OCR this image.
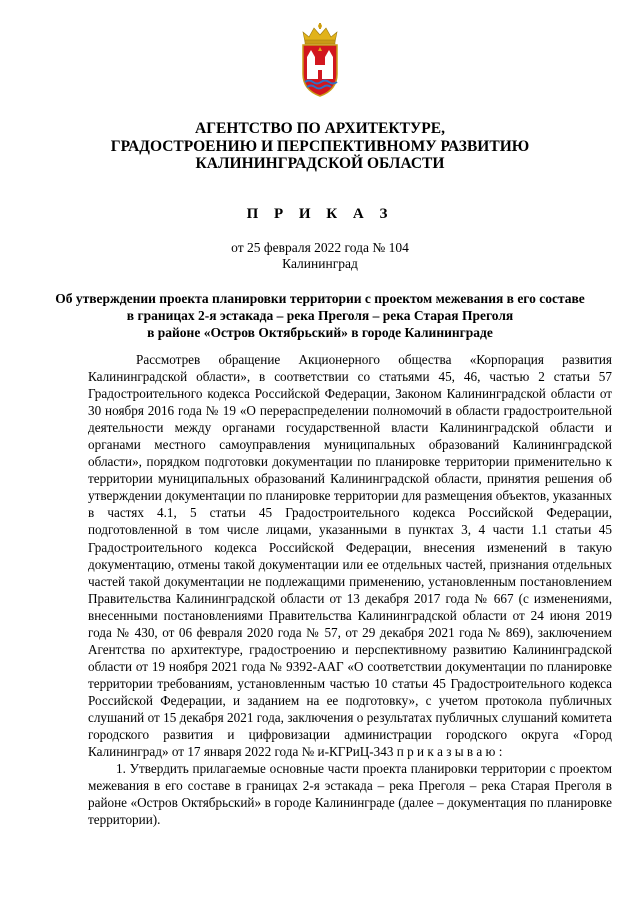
АГЕНТСТВО ПО АРХИТЕКТУРЕ,
ГРАДОСТРОЕНИЮ И ПЕРСПЕКТИВНОМУ РАЗВИТИЮ
КАЛИНИНГРАДСКОЙ ОБЛАСТИ
П Р И К А З
от 25 февраля 2022 года № 104
Калининград
Об утверждении проекта планировки территории с проектом межевания в его составе
в границах 2-я эстакада – река Преголя – река Старая Преголя
в районе «Остров Октябрьский» в городе Калининграде

Рассмотрев обращение Акционерного общества «Корпорация развития Калининградской области», в соответствии со статьями 45, 46, частью 2 статьи 57 Градостроительного кодекса Российской Федерации, Законом Калининградской области от 30 ноября 2016 года № 19 «О перераспределении полномочий в области градостроительной деятельности между органами государственной власти Калининградской области и органами местного самоуправления муниципальных образований Калининградской области», порядком подготовки документации по планировке территории применительно к территории муниципальных образований Калининградской области, принятия решения об утверждении документации по планировке территории для размещения объектов, указанных в частях 4.1, 5 статьи 45 Градостроительного кодекса Российской Федерации, подготовленной в том числе лицами, указанными в пунктах 3, 4 части 1.1 статьи 45 Градостроительного кодекса Российской Федерации, внесения изменений в такую документацию, отмены такой документации или ее отдельных частей, признания отдельных частей такой документации не подлежащими применению, установленным постановлением Правительства Калининградской области от 13 декабря 2017 года № 667 (с изменениями, внесенными постановлениями Правительства Калининградской области от 24 июня 2019 года № 430, от 06 февраля 2020 года № 57, от 29 декабря 2021 года № 869), заключением Агентства по архитектуре, градостроению и перспективному развитию Калининградской области от 19 ноября 2021 года № 9392-ААГ «О соответствии документации по планировке территории требованиям, установленным частью 10 статьи 45 Градостроительного кодекса Российской Федерации, и заданием на ее подготовку», с учетом протокола публичных слушаний от 15 декабря 2021 года, заключения о результатах публичных слушаний комитета городского развития и цифровизации администрации городского округа «Город Калининград» от 17 января 2022 года № и-КГРиЦ-343 п р и к а з ы в а ю :

1. Утвердить прилагаемые основные части проекта планировки территории с проектом межевания в его составе в границах 2-я эстакада – река Преголя – река Старая Преголя в районе «Остров Октябрьский» в городе Калининграде (далее – документация по планировке территории).
